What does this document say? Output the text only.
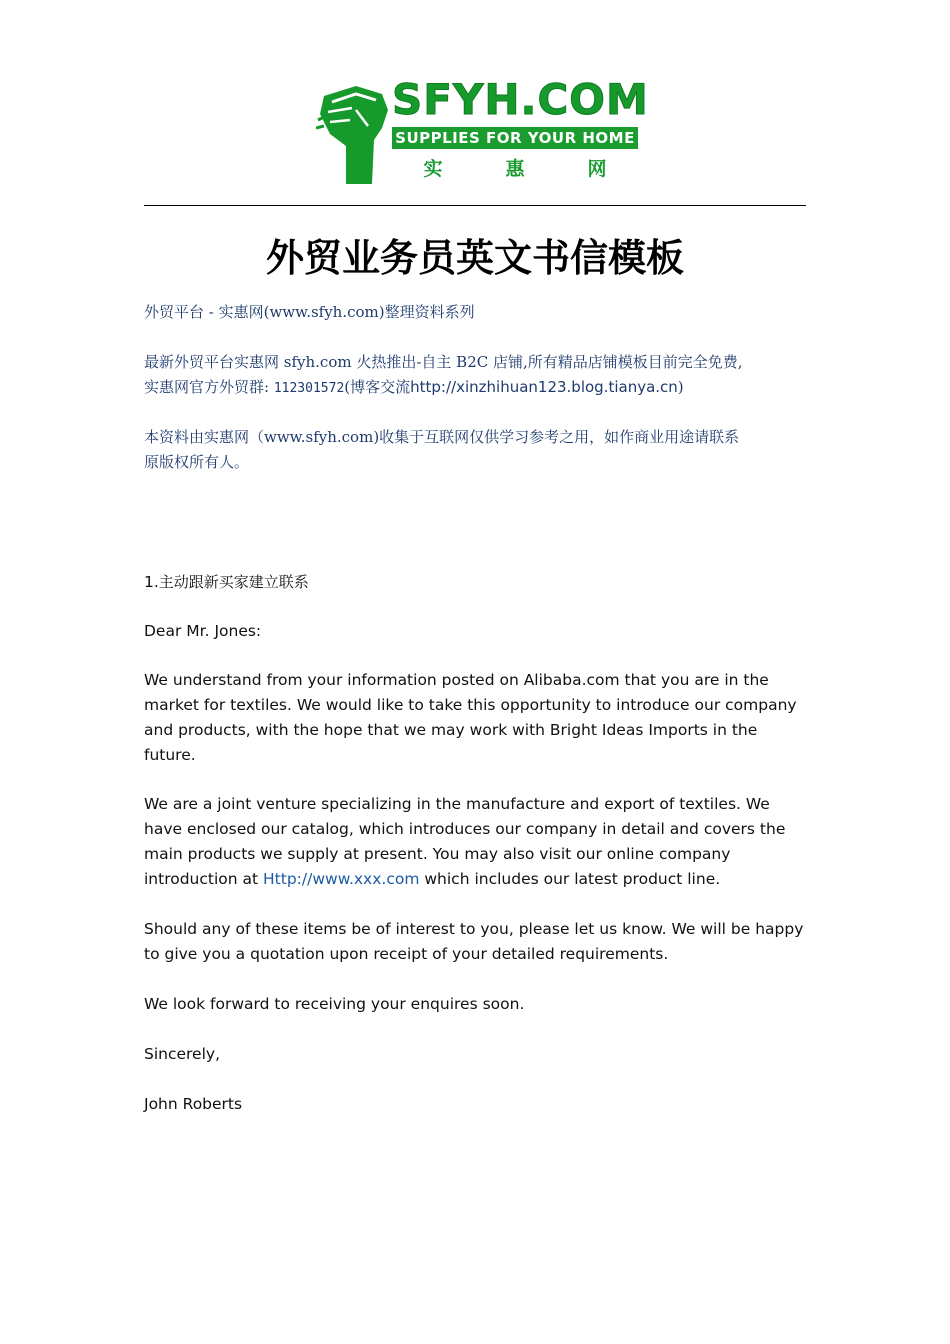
SFYH.COM
SUPPLIES FOR YOUR HOME
实	惠	网
外贸业务员英文书信模板
外贸平台 - 实惠网(www.sfyh.com)整理资料系列
最新外贸平台实惠网 sfyh.com 火热推出-自主 B2C 店铺,所有精品店铺模板目前完全免费,
实惠网官方外贸群: 112301572(博客交流http://xinzhihuan123.blog.tianya.cn)
本资料由实惠网（www.sfyh.com)收集于互联网仅供学习参考之用，如作商业用途请联系
原版权所有人。
1.主动跟新买家建立联系
Dear Mr. Jones:
We understand from your information posted on Alibaba.com that you are in the market for textiles. We would like to take this opportunity to introduce our company and products, with the hope that we may work with Bright Ideas Imports in the future.
We are a joint venture specializing in the manufacture and export of textiles. We have enclosed our catalog, which introduces our company in detail and covers the main products we supply at present. You may also visit our online company introduction at Http://www.xxx.com which includes our latest product line.
Should any of these items be of interest to you, please let us know. We will be happy to give you a quotation upon receipt of your detailed requirements.
We look forward to receiving your enquires soon.
Sincerely,
John Roberts
